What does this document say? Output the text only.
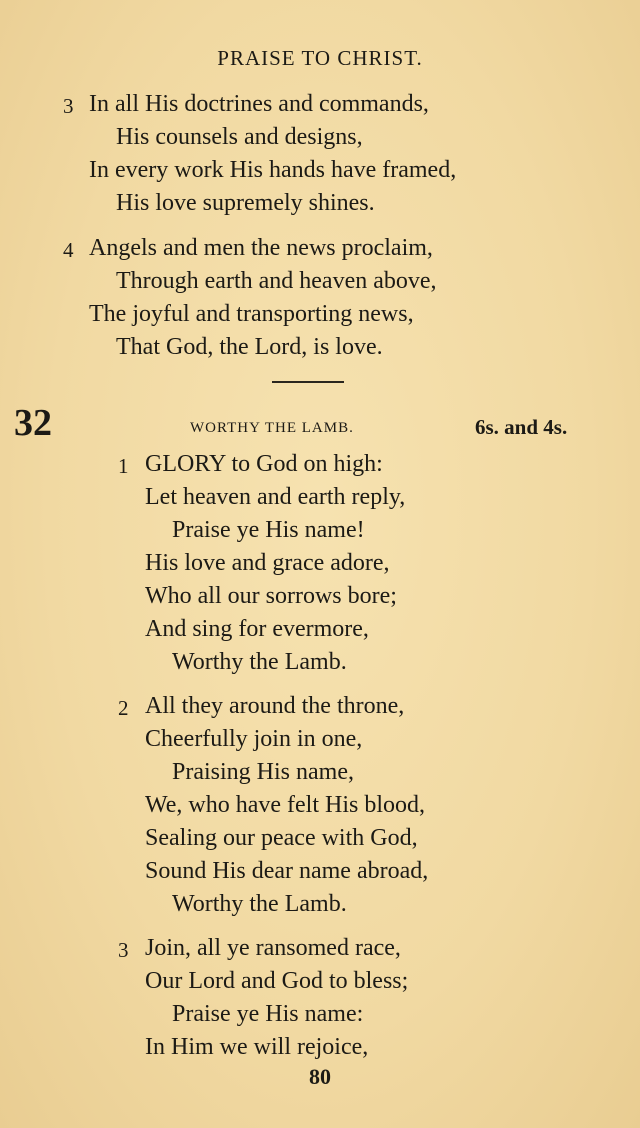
PRAISE TO CHRIST.
3 In all His doctrines and commands,
His counsels and designs,
In every work His hands have framed,
His love supremely shines.
4 Angels and men the news proclaim,
Through earth and heaven above,
The joyful and transporting news,
That God, the Lord, is love.
32	WORTHY THE LAMB.	6s. and 4s.
1 GLORY to God on high:
Let heaven and earth reply,
Praise ye His name!
His love and grace adore,
Who all our sorrows bore;
And sing for evermore,
Worthy the Lamb.
2 All they around the throne,
Cheerfully join in one,
Praising His name,
We, who have felt His blood,
Sealing our peace with God,
Sound His dear name abroad,
Worthy the Lamb.
3 Join, all ye ransomed race,
Our Lord and God to bless;
Praise ye His name:
In Him we will rejoice,
80
